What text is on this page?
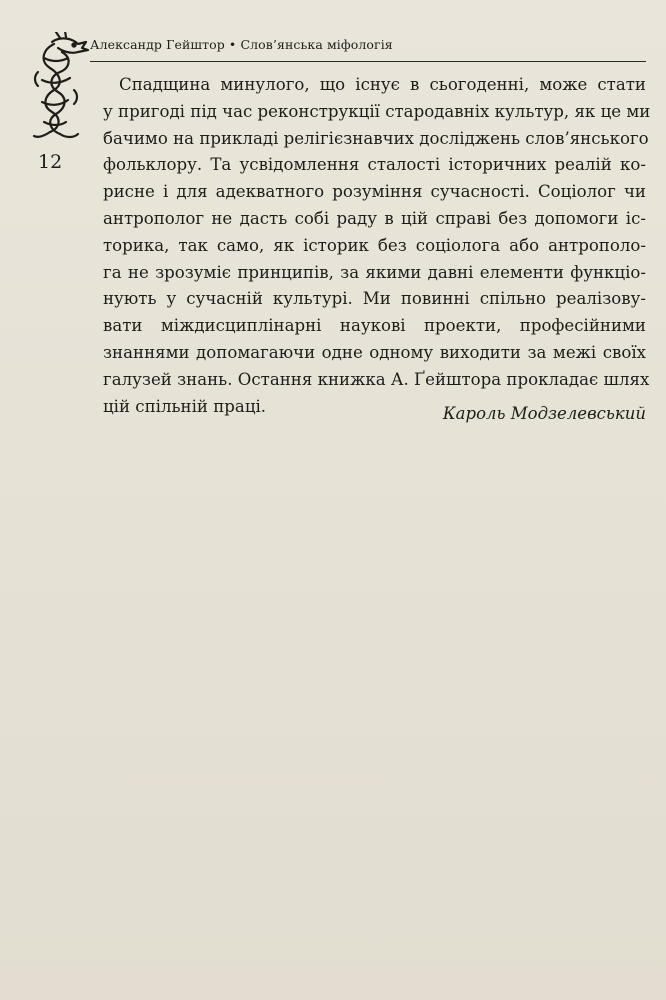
Александр Гейштор • Слов’янська міфологія
12
Спадщина минулого, що існує в сьогоденні, може стати
у пригоді під час реконструкції стародавніх культур, як це ми
бачимо на прикладі релігієзнавчих досліджень слов’янського
фольклору. Та усвідомлення сталості історичних реалій ко-
рисне і для адекватного розуміння сучасності. Соціолог чи
антрополог не дасть собі раду в цій справі без допомоги іс-
торика, так само, як історик без соціолога або антрополо-
га не зрозуміє принципів, за якими давні елементи функціо-
нують у сучасній культурі. Ми повинні спільно реалізову-
вати міждисциплінарні наукові проекти, професійними
знаннями допомагаючи одне одному виходити за межі своїх
галузей знань. Остання книжка А. Ґейштора прокладає шлях
цій спільній праці.	Кароль Модзелевський
